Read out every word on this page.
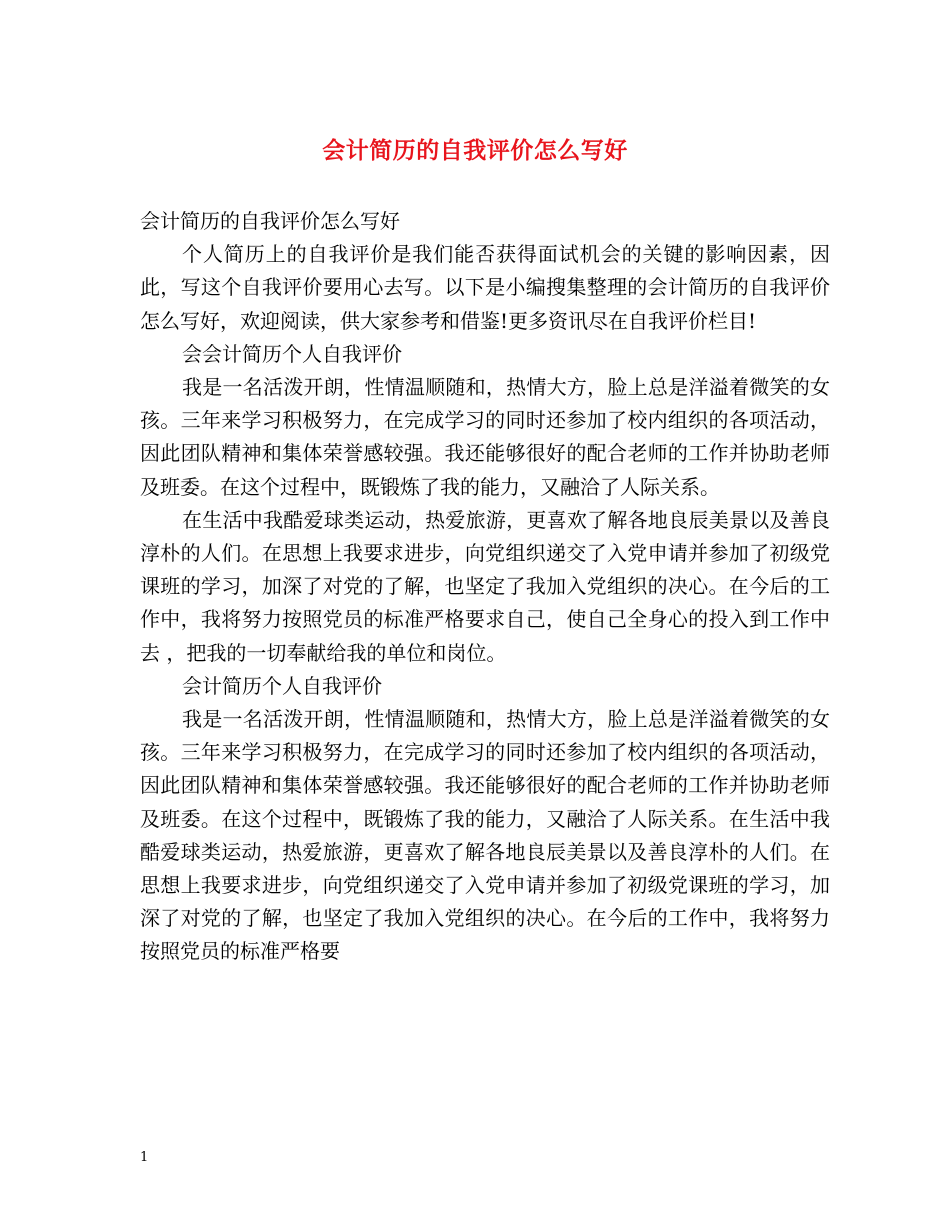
会计简历的自我评价怎么写好

会计简历的自我评价怎么写好

个人简历上的自我评价是我们能否获得面试机会的关键的影响因素，因此，写这个自我评价要用心去写。以下是小编搜集整理的会计简历的自我评价怎么写好，欢迎阅读，供大家参考和借鉴!更多资讯尽在自我评价栏目!

会会计简历个人自我评价

我是一名活泼开朗，性情温顺随和，热情大方，脸上总是洋溢着微笑的女孩。三年来学习积极努力，在完成学习的同时还参加了校内组织的各项活动，因此团队精神和集体荣誉感较强。我还能够很好的配合老师的工作并协助老师及班委。在这个过程中，既锻炼了我的能力，又融洽了人际关系。

在生活中我酷爱球类运动，热爱旅游，更喜欢了解各地良辰美景以及善良淳朴的人们。在思想上我要求进步，向党组织递交了入党申请并参加了初级党课班的学习，加深了对党的了解，也坚定了我加入党组织的决心。在今后的工作中，我将努力按照党员的标准严格要求自己，使自己全身心的投入到工作中去 ，把我的一切奉献给我的单位和岗位。

会计简历个人自我评价

我是一名活泼开朗，性情温顺随和，热情大方，脸上总是洋溢着微笑的女孩。三年来学习积极努力，在完成学习的同时还参加了校内组织的各项活动，因此团队精神和集体荣誉感较强。我还能够很好的配合老师的工作并协助老师及班委。在这个过程中，既锻炼了我的能力，又融洽了人际关系。在生活中我酷爱球类运动，热爱旅游，更喜欢了解各地良辰美景以及善良淳朴的人们。在思想上我要求进步，向党组织递交了入党申请并参加了初级党课班的学习，加深了对党的了解，也坚定了我加入党组织的决心。在今后的工作中，我将努力按照党员的标准严格要

1
